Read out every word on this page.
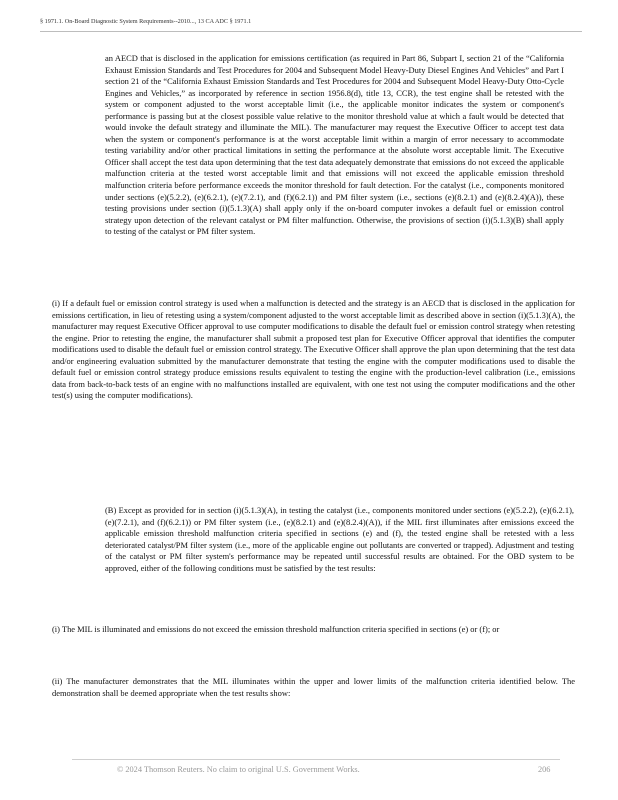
§ 1971.1. On-Board Diagnostic System Requirements--2010..., 13 CA ADC § 1971.1

an AECD that is disclosed in the application for emissions certification (as required in Part 86, Subpart I, section 21 of the “California Exhaust Emission Standards and Test Procedures for 2004 and Subsequent Model Heavy-Duty Diesel Engines And Vehicles” and Part I section 21 of the “California Exhaust Emission Standards and Test Procedures for 2004 and Subsequent Model Heavy-Duty Otto-Cycle Engines and Vehicles,” as incorporated by reference in section 1956.8(d), title 13, CCR), the test engine shall be retested with the system or component adjusted to the worst acceptable limit (i.e., the applicable monitor indicates the system or component's performance is passing but at the closest possible value relative to the monitor threshold value at which a fault would be detected that would invoke the default strategy and illuminate the MIL). The manufacturer may request the Executive Officer to accept test data when the system or component's performance is at the worst acceptable limit within a margin of error necessary to accommodate testing variability and/or other practical limitations in setting the performance at the absolute worst acceptable limit. The Executive Officer shall accept the test data upon determining that the test data adequately demonstrate that emissions do not exceed the applicable malfunction criteria at the tested worst acceptable limit and that emissions will not exceed the applicable emission threshold malfunction criteria before performance exceeds the monitor threshold for fault detection. For the catalyst (i.e., components monitored under sections (e)(5.2.2), (e)(6.2.1), (e)(7.2.1), and (f)(6.2.1)) and PM filter system (i.e., sections (e)(8.2.1) and (e)(8.2.4)(A)), these testing provisions under section (i)(5.1.3)(A) shall apply only if the on-board computer invokes a default fuel or emission control strategy upon detection of the relevant catalyst or PM filter malfunction. Otherwise, the provisions of section (i)(5.1.3)(B) shall apply to testing of the catalyst or PM filter system.

(i) If a default fuel or emission control strategy is used when a malfunction is detected and the strategy is an AECD that is disclosed in the application for emissions certification, in lieu of retesting using a system/component adjusted to the worst acceptable limit as described above in section (i)(5.1.3)(A), the manufacturer may request Executive Officer approval to use computer modifications to disable the default fuel or emission control strategy when retesting the engine. Prior to retesting the engine, the manufacturer shall submit a proposed test plan for Executive Officer approval that identifies the computer modifications used to disable the default fuel or emission control strategy. The Executive Officer shall approve the plan upon determining that the test data and/or engineering evaluation submitted by the manufacturer demonstrate that testing the engine with the computer modifications used to disable the default fuel or emission control strategy produce emissions results equivalent to testing the engine with the production-level calibration (i.e., emissions data from back-to-back tests of an engine with no malfunctions installed are equivalent, with one test not using the computer modifications and the other test(s) using the computer modifications).

(B) Except as provided for in section (i)(5.1.3)(A), in testing the catalyst (i.e., components monitored under sections (e)(5.2.2), (e)(6.2.1), (e)(7.2.1), and (f)(6.2.1)) or PM filter system (i.e., (e)(8.2.1) and (e)(8.2.4)(A)), if the MIL first illuminates after emissions exceed the applicable emission threshold malfunction criteria specified in sections (e) and (f), the tested engine shall be retested with a less deteriorated catalyst/PM filter system (i.e., more of the applicable engine out pollutants are converted or trapped). Adjustment and testing of the catalyst or PM filter system's performance may be repeated until successful results are obtained. For the OBD system to be approved, either of the following conditions must be satisfied by the test results:

(i) The MIL is illuminated and emissions do not exceed the emission threshold malfunction criteria specified in sections (e) or (f); or

(ii) The manufacturer demonstrates that the MIL illuminates within the upper and lower limits of the malfunction criteria identified below. The demonstration shall be deemed appropriate when the test results show:

© 2024 Thomson Reuters. No claim to original U.S. Government Works.	206
